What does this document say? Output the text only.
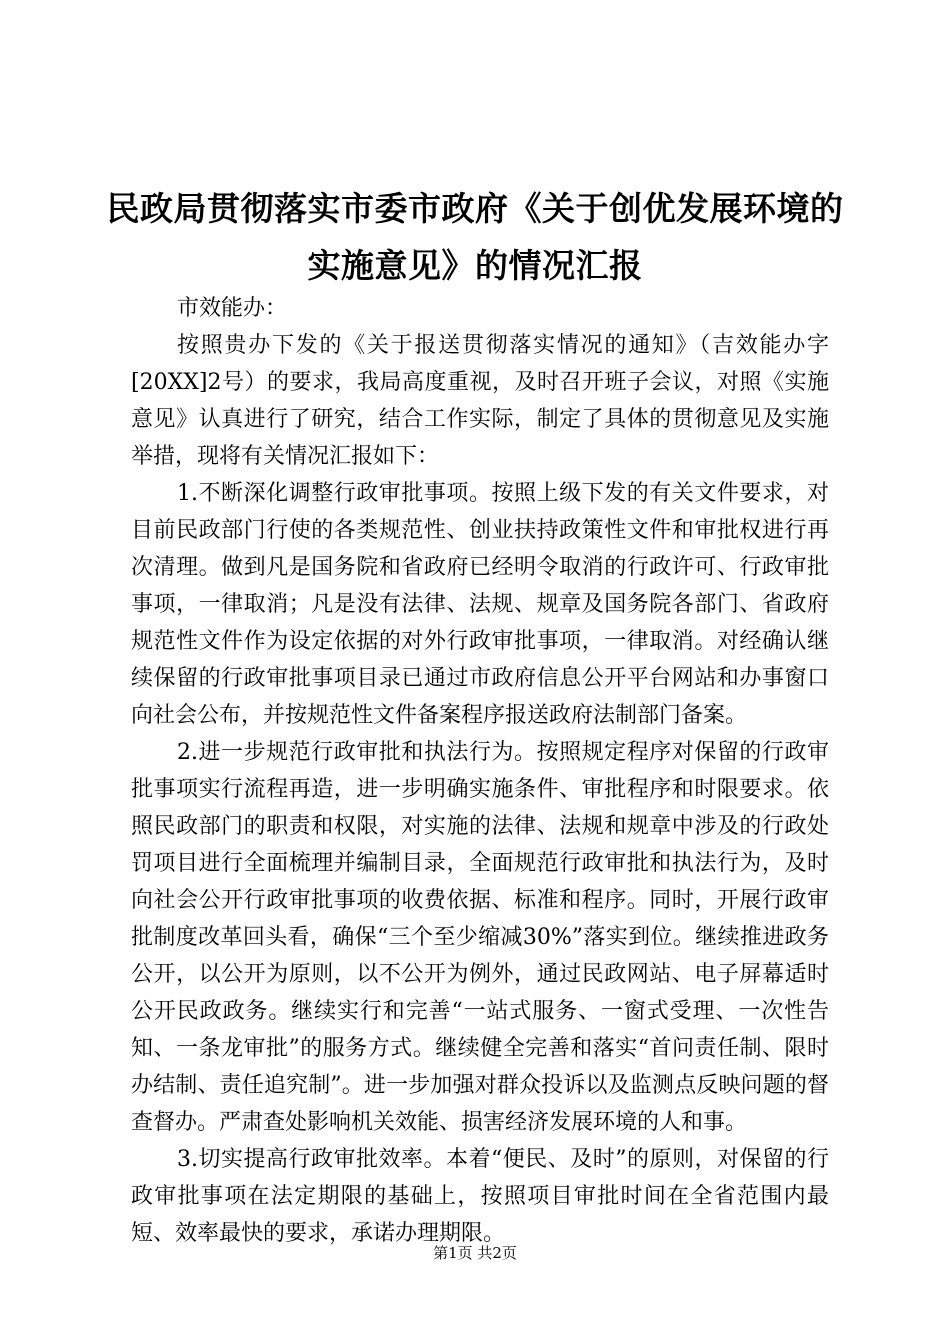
民政局贯彻落实市委市政府《关于创优发展环境的实施意见》的情况汇报

市效能办：

按照贵办下发的《关于报送贯彻落实情况的通知》（吉效能办字[20XX]2号）的要求，我局高度重视，及时召开班子会议，对照《实施意见》认真进行了研究，结合工作实际，制定了具体的贯彻意见及实施举措，现将有关情况汇报如下：

1.不断深化调整行政审批事项。按照上级下发的有关文件要求，对目前民政部门行使的各类规范性、创业扶持政策性文件和审批权进行再次清理。做到凡是国务院和省政府已经明令取消的行政许可、行政审批事项，一律取消；凡是没有法律、法规、规章及国务院各部门、省政府规范性文件作为设定依据的对外行政审批事项，一律取消。对经确认继续保留的行政审批事项目录已通过市政府信息公开平台网站和办事窗口向社会公布，并按规范性文件备案程序报送政府法制部门备案。

2.进一步规范行政审批和执法行为。按照规定程序对保留的行政审批事项实行流程再造，进一步明确实施条件、审批程序和时限要求。依照民政部门的职责和权限，对实施的法律、法规和规章中涉及的行政处罚项目进行全面梳理并编制目录，全面规范行政审批和执法行为，及时向社会公开行政审批事项的收费依据、标准和程序。同时，开展行政审批制度改革回头看，确保“三个至少缩减30%”落实到位。继续推进政务公开，以公开为原则，以不公开为例外，通过民政网站、电子屏幕适时公开民政政务。继续实行和完善“一站式服务、一窗式受理、一次性告知、一条龙审批”的服务方式。继续健全完善和落实“首问责任制、限时办结制、责任追究制”。进一步加强对群众投诉以及监测点反映问题的督查督办。严肃查处影响机关效能、损害经济发展环境的人和事。

3.切实提高行政审批效率。本着“便民、及时”的原则，对保留的行政审批事项在法定期限的基础上，按照项目审批时间在全省范围内最短、效率最快的要求，承诺办理期限。

第1页 共2页
